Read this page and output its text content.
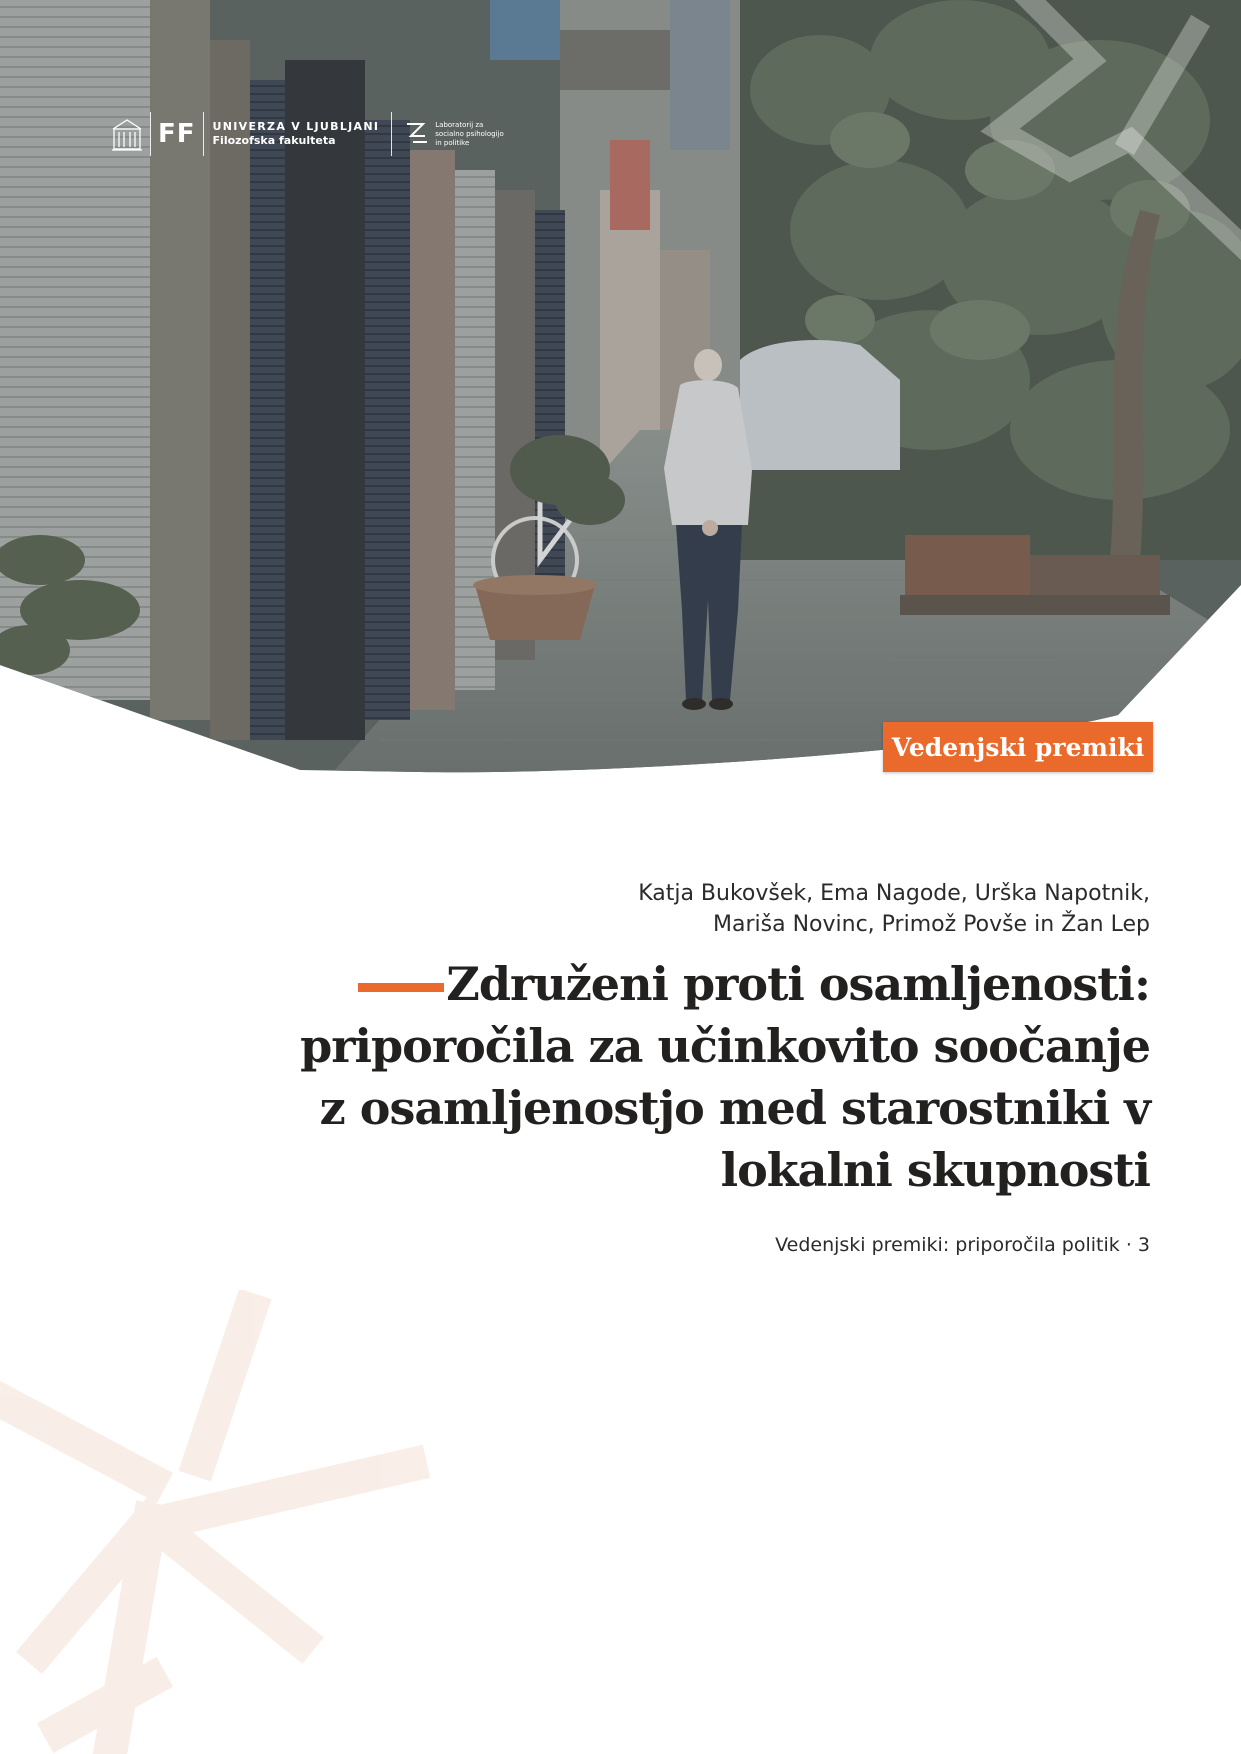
FF UNIVERZA V LJUBLJANI
Filozofska fakulteta
Laboratorij za
socialno psihologijo
in politike
Vedenjski premiki
Katja Bukovšek, Ema Nagode, Urška Napotnik,
Mariša Novinc, Primož Povše in Žan Lep
Združeni proti osamljenosti:
priporočila za učinkovito soočanje
z osamljenostjo med starostniki v
lokalni skupnosti
Vedenjski premiki: priporočila politik · 3
